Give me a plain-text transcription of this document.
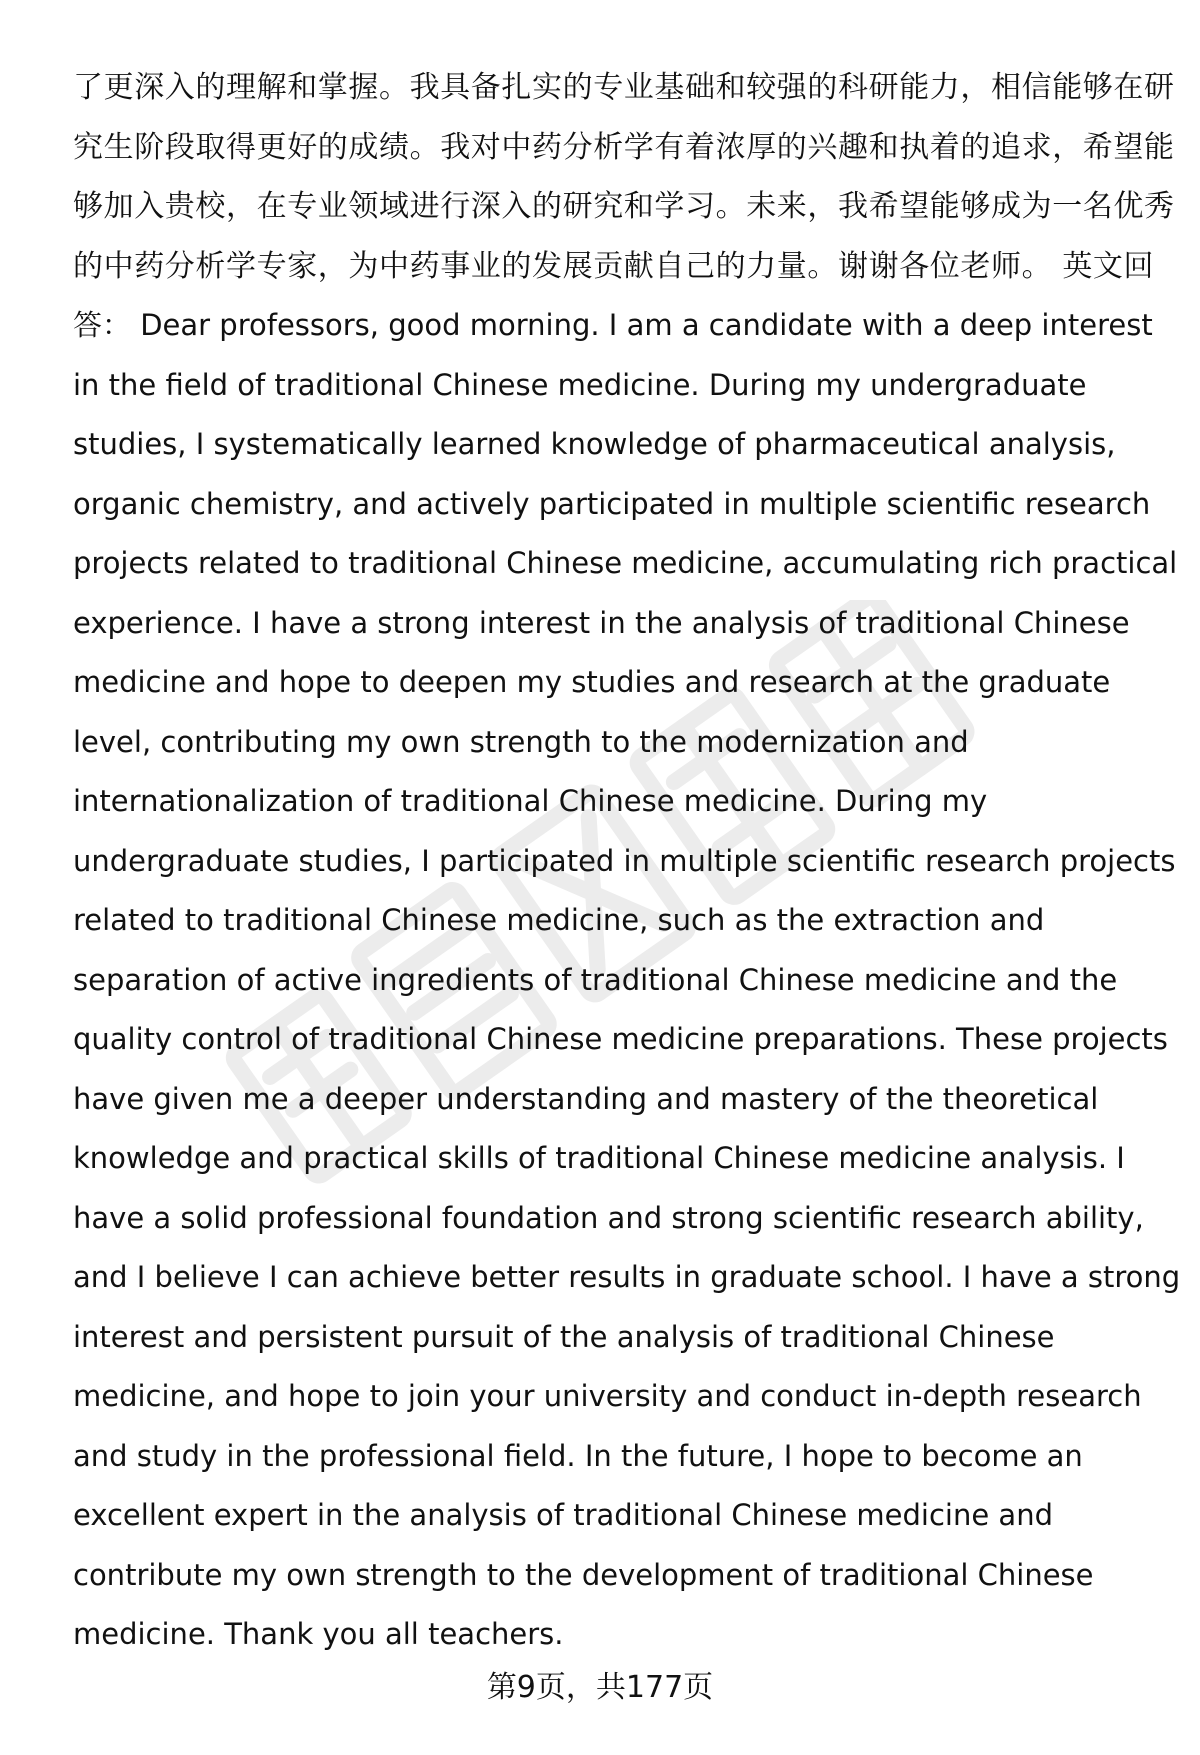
了更深入的理解和掌握。我具备扎实的专业基础和较强的科研能力，相信能够在研
究生阶段取得更好的成绩。我对中药分析学有着浓厚的兴趣和执着的追求，希望能
够加入贵校，在专业领域进行深入的研究和学习。未来，我希望能够成为一名优秀
的中药分析学专家，为中药事业的发展贡献自己的力量。谢谢各位老师。 英文回
答： Dear professors, good morning. I am a candidate with a deep interest
in the field of traditional Chinese medicine. During my undergraduate
studies, I systematically learned knowledge of pharmaceutical analysis,
organic chemistry, and actively participated in multiple scientific research
projects related to traditional Chinese medicine, accumulating rich practical
experience. I have a strong interest in the analysis of traditional Chinese
medicine and hope to deepen my studies and research at the graduate
level, contributing my own strength to the modernization and
internationalization of traditional Chinese medicine. During my
undergraduate studies, I participated in multiple scientific research projects
related to traditional Chinese medicine, such as the extraction and
separation of active ingredients of traditional Chinese medicine and the
quality control of traditional Chinese medicine preparations. These projects
have given me a deeper understanding and mastery of the theoretical
knowledge and practical skills of traditional Chinese medicine analysis. I
have a solid professional foundation and strong scientific research ability,
and I believe I can achieve better results in graduate school. I have a strong
interest and persistent pursuit of the analysis of traditional Chinese
medicine, and hope to join your university and conduct in-depth research
and study in the professional field. In the future, I hope to become an
excellent expert in the analysis of traditional Chinese medicine and
contribute my own strength to the development of traditional Chinese
medicine. Thank you all teachers.
第9页，共177页
